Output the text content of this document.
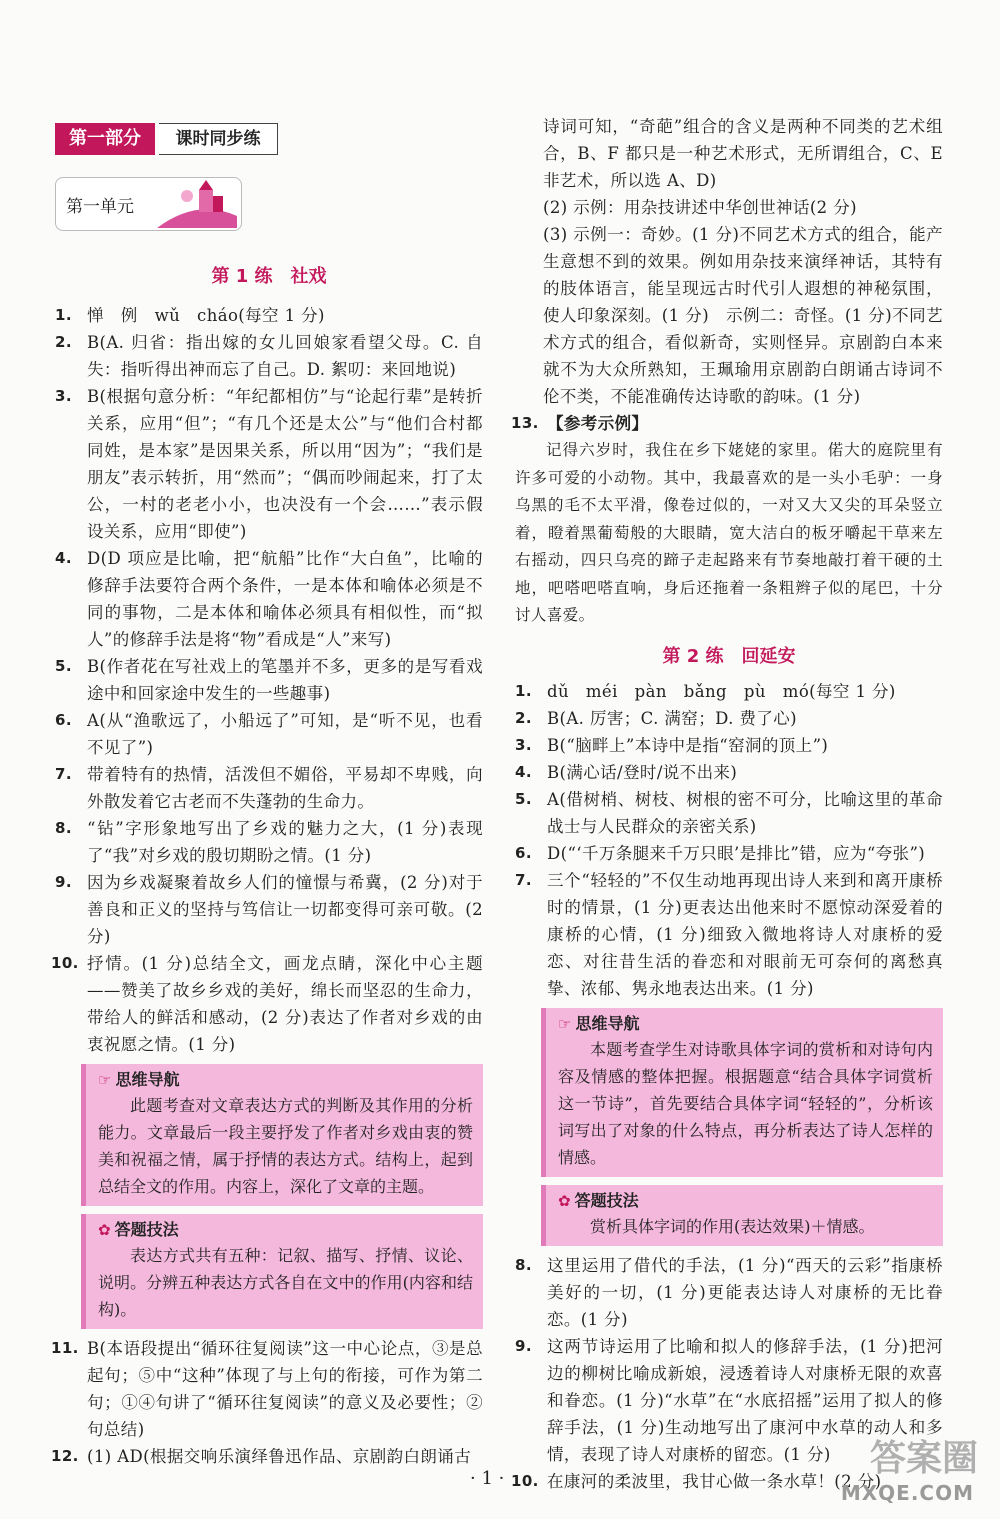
第一部分	课时同步练
第一单元

第 1 练　社戏

1. 惮　例　wǔ　cháo(每空 1 分)
2. B(A. 归省：指出嫁的女儿回娘家看望父母。C. 自失：指听得出神而忘了自己。D. 絮叨：来回地说)
3. B(根据句意分析：“年纪都相仿”与“论起行辈”是转折关系，应用“但”；“有几个还是太公”与“他们合村都同姓，是本家”是因果关系，所以用“因为”；“我们是朋友”表示转折，用“然而”；“偶而吵闹起来，打了太公，一村的老老小小，也决没有一个会……”表示假设关系，应用“即使”)
4. D(D 项应是比喻，把“航船”比作“大白鱼”，比喻的修辞手法要符合两个条件，一是本体和喻体必须是不同的事物，二是本体和喻体必须具有相似性，而“拟人”的修辞手法是将“物”看成是“人”来写)
5. B(作者花在写社戏上的笔墨并不多，更多的是写看戏途中和回家途中发生的一些趣事)
6. A(从“渔歌远了，小船远了”可知，是“听不见，也看不见了”)
7. 带着特有的热情，活泼但不媚俗，平易却不卑贱，向外散发着它古老而不失蓬勃的生命力。
8. “钻”字形象地写出了乡戏的魅力之大，(1 分)表现了“我”对乡戏的殷切期盼之情。(1 分)
9. 因为乡戏凝聚着故乡人们的憧憬与希冀，(2 分)对于善良和正义的坚持与笃信让一切都变得可亲可敬。(2 分)
10. 抒情。(1 分)总结全文，画龙点睛，深化中心主题——赞美了故乡乡戏的美好，绵长而坚忍的生命力，带给人的鲜活和感动，(2 分)表达了作者对乡戏的由衷祝愿之情。(1 分)
☞ 思维导航
此题考查对文章表达方式的判断及其作用的分析能力。文章最后一段主要抒发了作者对乡戏由衷的赞美和祝福之情，属于抒情的表达方式。结构上，起到总结全文的作用。内容上，深化了文章的主题。
✿ 答题技法
表达方式共有五种：记叙、描写、抒情、议论、说明。分辨五种表达方式各自在文中的作用(内容和结构)。
11. B(本语段提出“循环往复阅读”这一中心论点，③是总起句；⑤中“这种”体现了与上句的衔接，可作为第二句；①④句讲了“循环往复阅读”的意义及必要性；②句总结)
12. (1) AD(根据交响乐演绎鲁迅作品、京剧韵白朗诵古
诗词可知，“奇葩”组合的含义是两种不同类的艺术组合，B、F 都只是一种艺术形式，无所谓组合，C、E 非艺术，所以选 A、D)
(2) 示例：用杂技讲述中华创世神话(2 分)
(3) 示例一：奇妙。(1 分)不同艺术方式的组合，能产生意想不到的效果。例如用杂技来演绎神话，其特有的肢体语言，能呈现远古时代引人遐想的神秘氛围，使人印象深刻。(1 分)　示例二：奇怪。(1 分)不同艺术方式的组合，看似新奇，实则怪异。京剧韵白本来就不为大众所熟知，王珮瑜用京剧韵白朗诵古诗词不伦不类，不能准确传达诗歌的韵味。(1 分)
13. 【参考示例】
记得六岁时，我住在乡下姥姥的家里。偌大的庭院里有许多可爱的小动物。其中，我最喜欢的是一头小毛驴：一身乌黑的毛不太平滑，像卷过似的，一对又大又尖的耳朵竖立着，瞪着黑葡萄般的大眼睛，宽大洁白的板牙嚼起干草来左右摇动，四只乌亮的蹄子走起路来有节奏地敲打着干硬的土地，吧嗒吧嗒直响，身后还拖着一条粗辫子似的尾巴，十分讨人喜爱。

第 2 练　回延安

1. dǔ　méi　pàn　bǎng　pù　mó(每空 1 分)
2. B(A. 厉害；C. 满窑；D. 费了心)
3. B(“脑畔上”本诗中是指“窑洞的顶上”)
4. B(满心话/登时/说不出来)
5. A(借树梢、树枝、树根的密不可分，比喻这里的革命战士与人民群众的亲密关系)
6. D(“‘千万条腿来千万只眼’是排比”错，应为“夸张”)
7. 三个“轻轻的”不仅生动地再现出诗人来到和离开康桥时的情景，(1 分)更表达出他来时不愿惊动深爱着的康桥的心情，(1 分)细致入微地将诗人对康桥的爱恋、对往昔生活的眷恋和对眼前无可奈何的离愁真挚、浓郁、隽永地表达出来。(1 分)
☞ 思维导航
本题考查学生对诗歌具体字词的赏析和对诗句内容及情感的整体把握。根据题意“结合具体字词赏析这一节诗”，首先要结合具体字词“轻轻的”，分析该词写出了对象的什么特点，再分析表达了诗人怎样的情感。
✿ 答题技法
赏析具体字词的作用(表达效果)＋情感。
8. 这里运用了借代的手法，(1 分)“西天的云彩”指康桥美好的一切，(1 分)更能表达诗人对康桥的无比眷恋。(1 分)
9. 这两节诗运用了比喻和拟人的修辞手法，(1 分)把河边的柳树比喻成新娘，浸透着诗人对康桥无限的欢喜和眷恋。(1 分)“水草”在“水底招摇”运用了拟人的修辞手法，(1 分)生动地写出了康河中水草的动人和多情，表现了诗人对康桥的留恋。(1 分)
10. 在康河的柔波里，我甘心做一条水草！(2 分)
· 1 ·	答案圈
MXQE.COM
